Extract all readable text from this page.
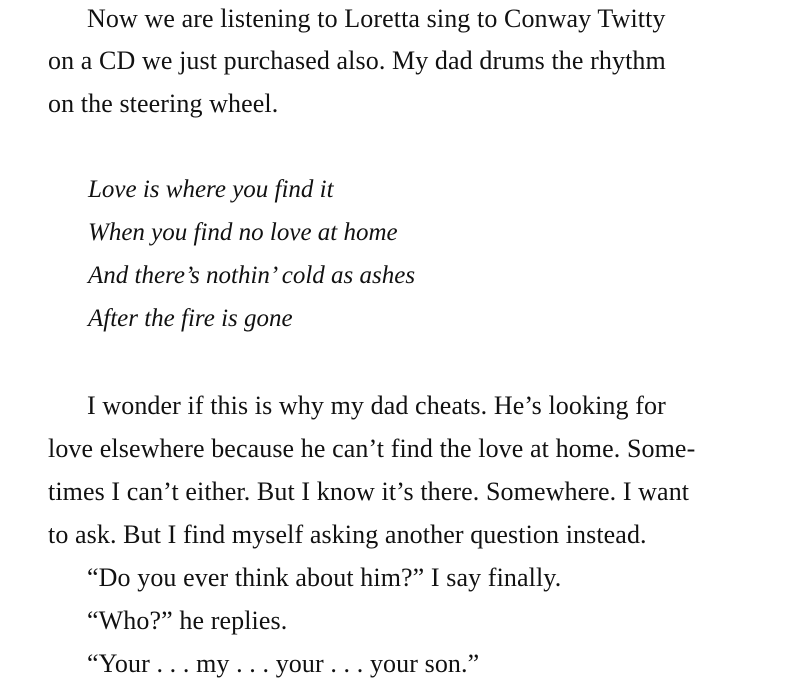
Now we are listening to Loretta sing to Conway Twitty
on a CD we just purchased also. My dad drums the rhythm
on the steering wheel.
Love is where you find it
When you find no love at home
And there’s nothin’ cold as ashes
After the fire is gone
I wonder if this is why my dad cheats. He’s looking for
love elsewhere because he can’t find the love at home. Some-
times I can’t either. But I know it’s there. Somewhere. I want
to ask. But I find myself asking another question instead.
“Do you ever think about him?” I say finally.
“Who?” he replies.
“Your . . . my . . . your . . . your son.”
